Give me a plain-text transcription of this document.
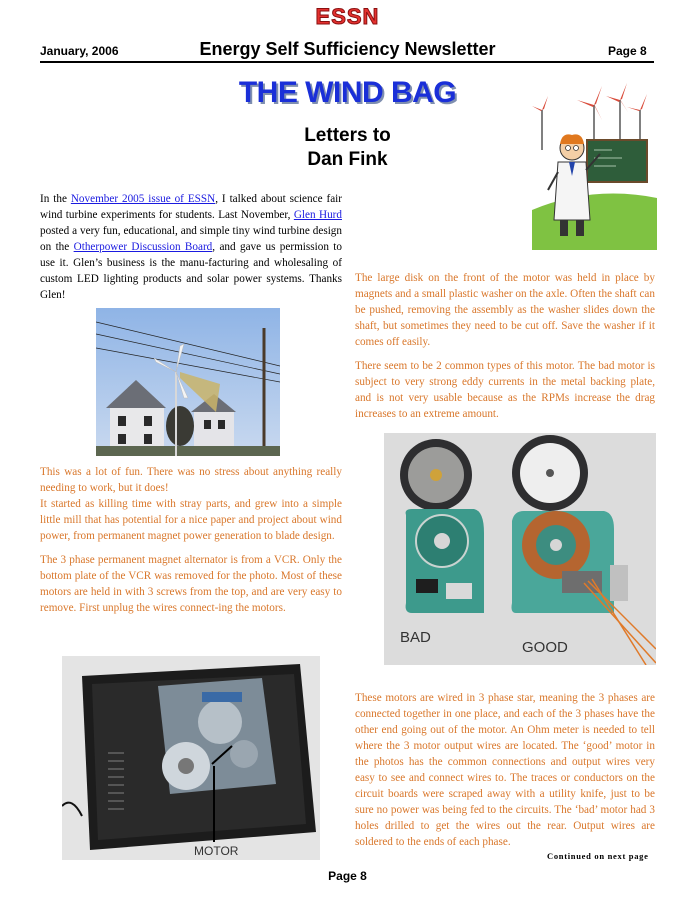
ESSN
January, 2006	Energy Self Sufficiency Newsletter	Page 8
THE WIND BAG
Letters to
Dan Fink
In the November 2005 issue of ESSN, I talked about science fair wind turbine experiments for students. Last November, Glen Hurd posted a very fun, educational, and simple tiny wind turbine design on the Otherpower Discussion Board, and gave us permission to use it. Glen’s business is the manu-facturing and wholesaling of custom LED lighting products and solar power systems. Thanks Glen!

The large disk on the front of the motor was held in place by magnets and a small plastic washer on the axle. Often the shaft can be pushed, removing the assembly as the washer slides down the shaft, but sometimes they need to be cut off. Save the washer if it comes off easily.

There seem to be 2 common types of this motor. The bad motor is subject to very strong eddy currents in the metal backing plate, and is not very usable because as the RPMs increase the drag increases to an extreme amount.

This was a lot of fun. There was no stress about anything really needing to work, but it does!

It started as killing time with stray parts, and grew into a simple little mill that has potential for a nice paper and project about wind power, from permanent magnet power generation to blade design.

The 3 phase permanent magnet alternator is from a VCR. Only the bottom plate of the VCR was removed for the photo. Most of these motors are held in with 3 screws from the top, and are very easy to remove. First unplug the wires connect-ing the motors.

BAD
GOOD
MOTOR

These motors are wired in 3 phase star, meaning the 3 phases are connected together in one place, and each of the 3 phases have the other end going out of the motor. An Ohm meter is needed to tell where the 3 motor output wires are located. The ‘good’ motor in the photos has the common connections and output wires very easy to see and connect wires to. The traces or conductors on the circuit boards were scraped away with a utility knife, just to be sure no power was being fed to the circuits. The ‘bad’ motor had 3 holes drilled to get the wires out the rear. Output wires are soldered to the ends of each phase.

Continued on next page
Page 8
